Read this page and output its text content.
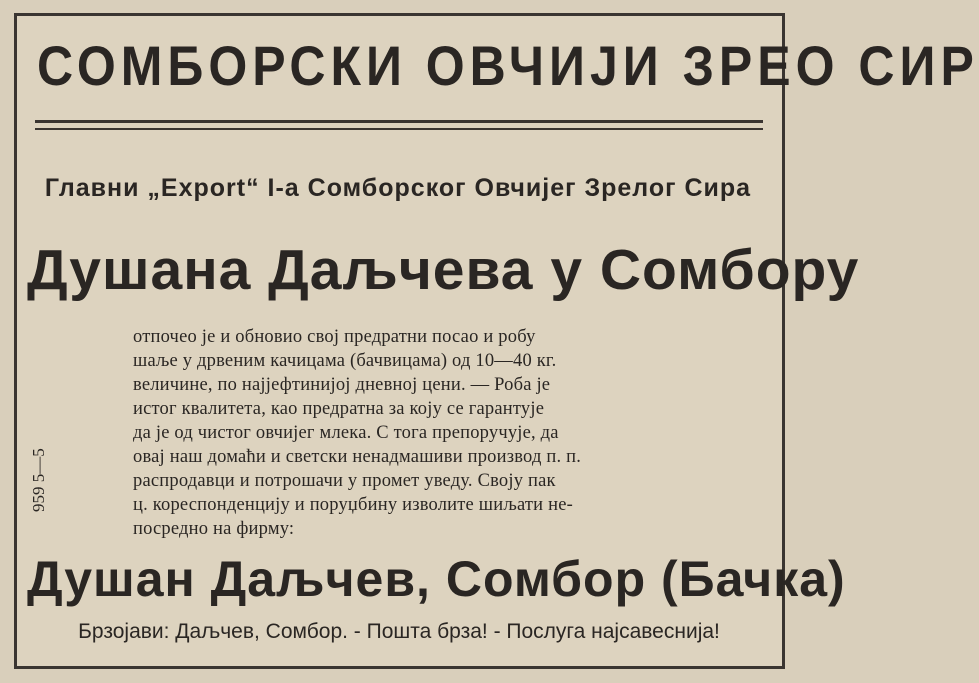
СОМБОРСКИ ОВЧИЈИ ЗРЕО СИР
Главни „Export“ I-a Сомборског Овчијег Зрелог Сира
Душана Даљчева у Сомбору
отпочео је и обновио свој предратни посао и робу
шаље у дрвеним качицама (бачвицама) од 10—40 кг.
величине, по најјефтинијој дневној цени. — Роба је
истог квалитета, као предратна за коју се гарантује
да је од чистог овчијег млека. С тога препоручује, да
овај наш домаћи и светски ненадмашиви производ п. п.
распродавци и потрошачи у промет уведу. Своју пак
ц. кореспонденцију и поруџбину изволите шиљати не-
посредно на фирму:
959 5—5
Душан Даљчев, Сомбор (Бачка)
Брзојави: Даљчев, Сомбор. - Пошта брза! - Послуга најсавеснија!
